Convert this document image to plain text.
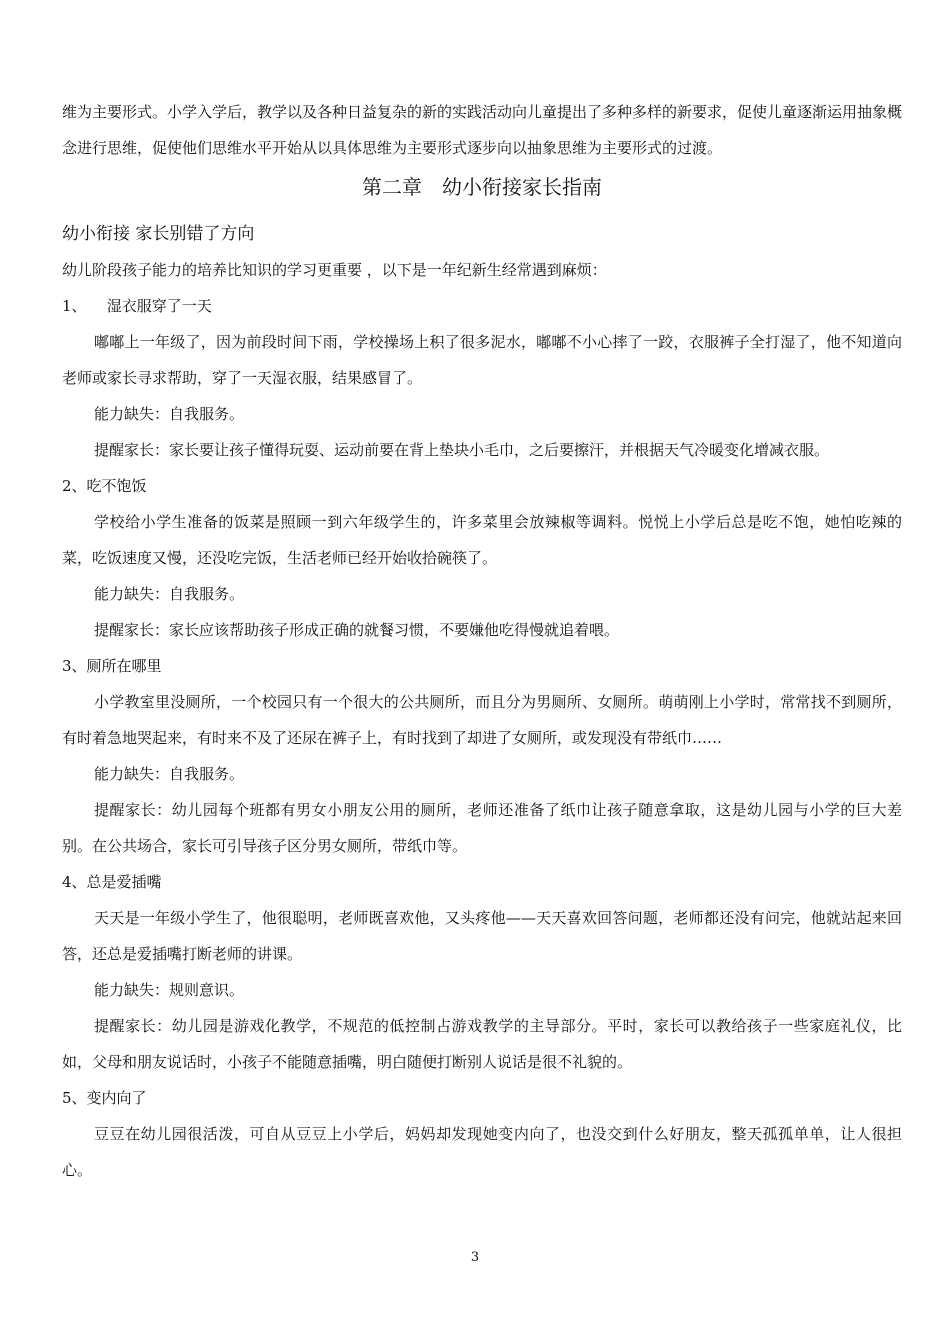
维为主要形式。小学入学后，教学以及各种日益复杂的新的实践活动向儿童提出了多种多样的新要求，促使儿童逐渐运用抽象概念进行思维，促使他们思维水平开始从以具体思维为主要形式逐步向以抽象思维为主要形式的过渡。

第二章　幼小衔接家长指南

幼小衔接 家长别错了方向

幼儿阶段孩子能力的培养比知识的学习更重要 ，以下是一年纪新生经常遇到麻烦：

1、 湿衣服穿了一天

嘟嘟上一年级了，因为前段时间下雨，学校操场上积了很多泥水，嘟嘟不小心摔了一跤，衣服裤子全打湿了，他不知道向老师或家长寻求帮助，穿了一天湿衣服，结果感冒了。

能力缺失：自我服务。

提醒家长：家长要让孩子懂得玩耍、运动前要在背上垫块小毛巾，之后要擦汗，并根据天气冷暖变化增减衣服。

2、吃不饱饭

学校给小学生准备的饭菜是照顾一到六年级学生的，许多菜里会放辣椒等调料。悦悦上小学后总是吃不饱，她怕吃辣的菜，吃饭速度又慢，还没吃完饭，生活老师已经开始收拾碗筷了。

能力缺失：自我服务。

提醒家长：家长应该帮助孩子形成正确的就餐习惯，不要嫌他吃得慢就追着喂。

3、厕所在哪里

小学教室里没厕所，一个校园只有一个很大的公共厕所，而且分为男厕所、女厕所。萌萌刚上小学时，常常找不到厕所，有时着急地哭起来，有时来不及了还尿在裤子上，有时找到了却进了女厕所，或发现没有带纸巾……

能力缺失：自我服务。

提醒家长：幼儿园每个班都有男女小朋友公用的厕所，老师还准备了纸巾让孩子随意拿取，这是幼儿园与小学的巨大差别。在公共场合，家长可引导孩子区分男女厕所，带纸巾等。

4、总是爱插嘴

天天是一年级小学生了，他很聪明，老师既喜欢他，又头疼他——天天喜欢回答问题，老师都还没有问完，他就站起来回答，还总是爱插嘴打断老师的讲课。

能力缺失：规则意识。

提醒家长：幼儿园是游戏化教学，不规范的低控制占游戏教学的主导部分。平时，家长可以教给孩子一些家庭礼仪，比如，父母和朋友说话时，小孩子不能随意插嘴，明白随便打断别人说话是很不礼貌的。

5、变内向了

豆豆在幼儿园很活泼，可自从豆豆上小学后，妈妈却发现她变内向了，也没交到什么好朋友，整天孤孤单单，让人很担心。

3
